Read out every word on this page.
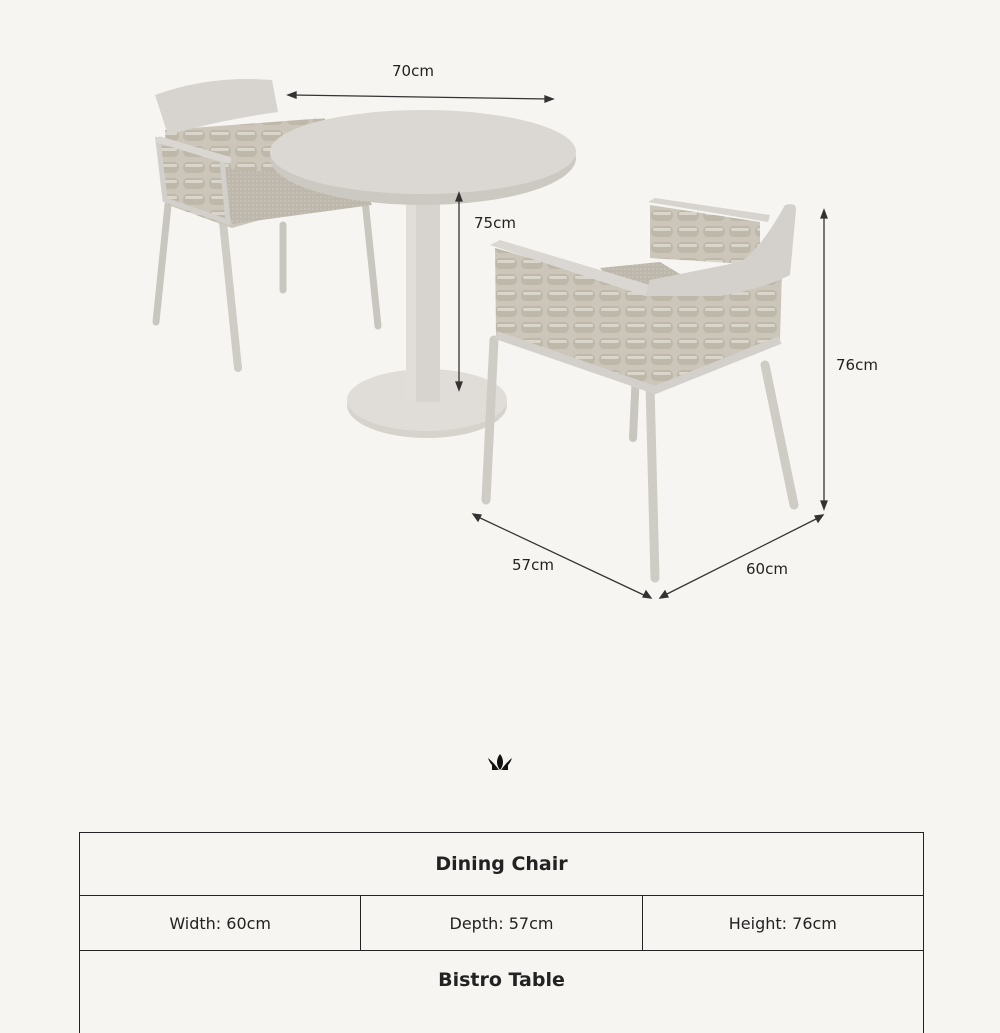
70cm
75cm
76cm
57cm	60cm
Dining Chair
Width: 60cm	Depth: 57cm	Height: 76cm
Bistro Table
